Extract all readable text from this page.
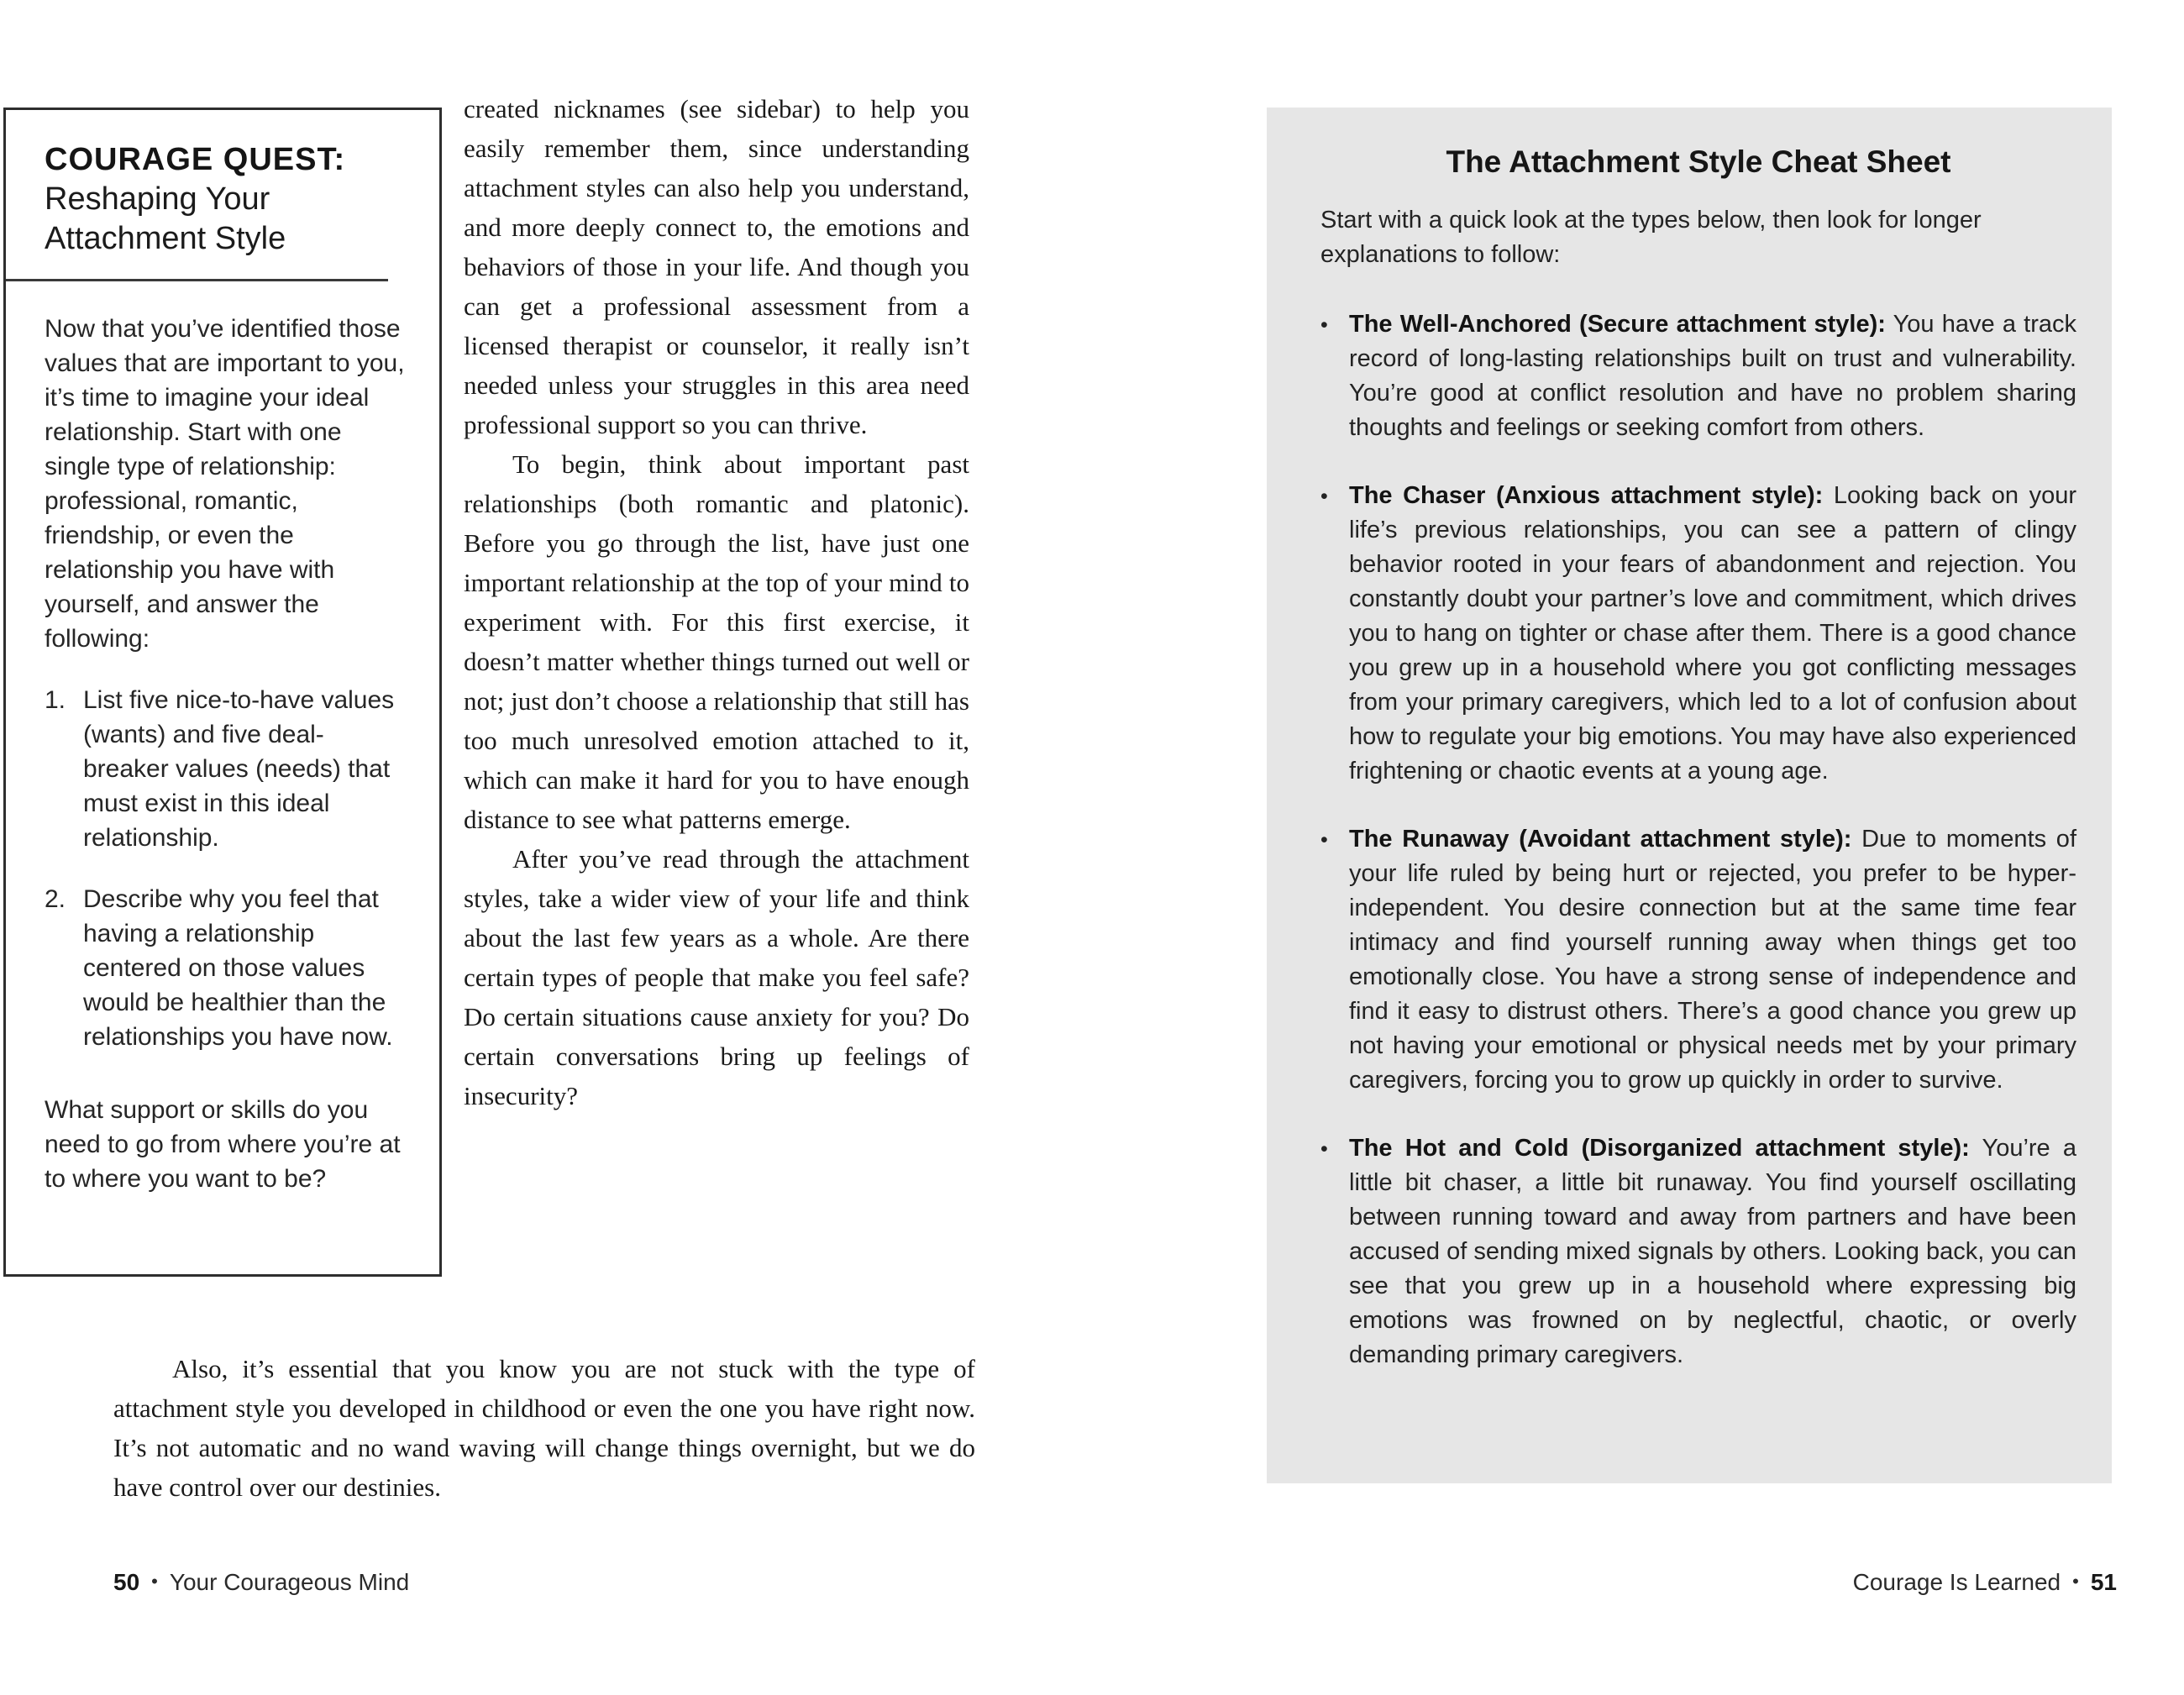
COURAGE QUEST:
Reshaping Your
Attachment Style
Now that you’ve identified those values that are important to you, it’s time to imagine your ideal relationship. Start with one single type of relationship: professional, romantic, friendship, or even the relationship you have with yourself, and answer the following:
1. List five nice-to-have values (wants) and five deal-breaker values (needs) that must exist in this ideal relationship.
2. Describe why you feel that having a relationship centered on those values would be healthier than the relationships you have now.
What support or skills do you need to go from where you’re at to where you want to be?

created nicknames (see sidebar) to help you easily remember them, since understanding attachment styles can also help you understand, and more deeply connect to, the emotions and behaviors of those in your life. And though you can get a professional assessment from a licensed therapist or counselor, it really isn’t needed unless your struggles in this area need professional support so you can thrive.

To begin, think about important past relationships (both romantic and platonic). Before you go through the list, have just one important relationship at the top of your mind to experiment with. For this first exercise, it doesn’t matter whether things turned out well or not; just don’t choose a relationship that still has too much unresolved emotion attached to it, which can make it hard for you to have enough distance to see what patterns emerge.

After you’ve read through the attachment styles, take a wider view of your life and think about the last few years as a whole. Are there certain types of people that make you feel safe? Do certain situations cause anxiety for you? Do certain conversations bring up feelings of insecurity?

Also, it’s essential that you know you are not stuck with the type of attachment style you developed in childhood or even the one you have right now. It’s not automatic and no wand waving will change things overnight, but we do have control over our destinies.
50 • Your Courageous Mind
The Attachment Style Cheat Sheet

Start with a quick look at the types below, then look for longer explanations to follow:

• The Well-Anchored (Secure attachment style): You have a track record of long-lasting relationships built on trust and vulnerability. You’re good at conflict resolution and have no problem sharing thoughts and feelings or seeking comfort from others.
• The Chaser (Anxious attachment style): Looking back on your life’s previous relationships, you can see a pattern of clingy behavior rooted in your fears of abandonment and rejection. You constantly doubt your partner’s love and commitment, which drives you to hang on tighter or chase after them. There is a good chance you grew up in a household where you got conflicting messages from your primary caregivers, which led to a lot of confusion about how to regulate your big emotions. You may have also experienced frightening or chaotic events at a young age.
• The Runaway (Avoidant attachment style): Due to moments of your life ruled by being hurt or rejected, you prefer to be hyper-independent. You desire connection but at the same time fear intimacy and find yourself running away when things get too emotionally close. You have a strong sense of independence and find it easy to distrust others. There’s a good chance you grew up not having your emotional or physical needs met by your primary caregivers, forcing you to grow up quickly in order to survive.
• The Hot and Cold (Disorganized attachment style): You’re a little bit chaser, a little bit runaway. You find yourself oscillating between running toward and away from partners and have been accused of sending mixed signals by others. Looking back, you can see that you grew up in a household where expressing big emotions was frowned on by neglectful, chaotic, or overly demanding primary caregivers.
Courage Is Learned • 51
